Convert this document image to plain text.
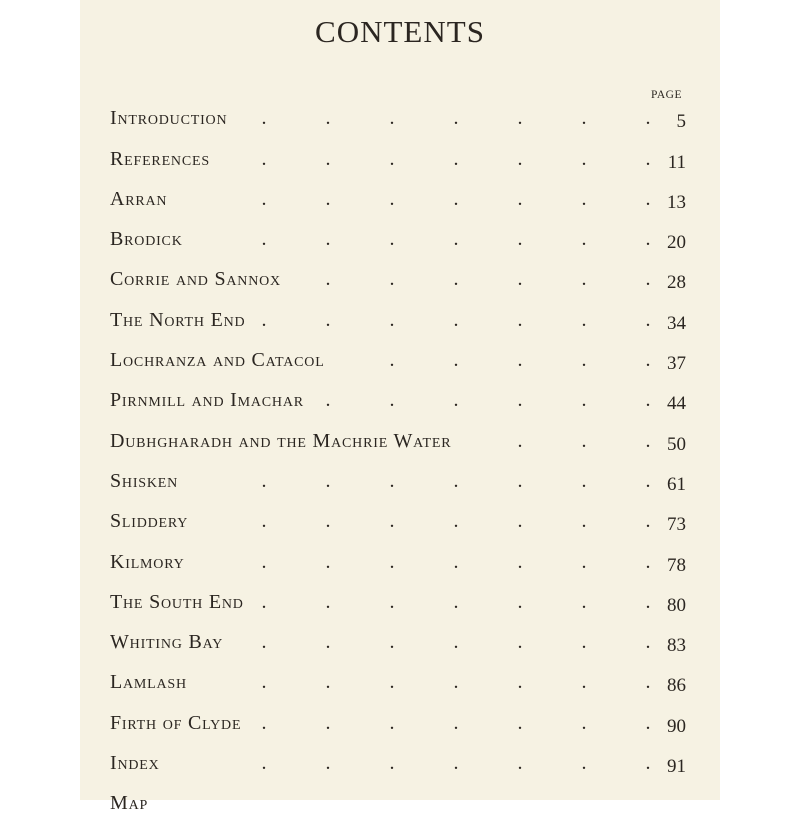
CONTENTS
PAGE
Introduction .	.	.	.	.	.	. 5
References	.	.	.	.	.	.	. 11
Arran	.	.	.	.	.	.	. 13
Brodick	.	.	.	.	.	.	. 20
Corrie and Sannox .	.	.	.	.	. 28
The North End .	.	.	.	.	.	. 34
Lochranza and Catacol	.	.	.	.	. 37
Pirnmill and Imachar .	.	.	.	.	. 44
Dubhgharadh and the Machrie Water	.	.	. 50
Shisken	.	.	.	.	.	.	. 61
Sliddery	.	.	.	.	.	.	. 73
Kilmory	.	.	.	.	.	.	. 78
The South End .	.	.	.	.	.	. 80
Whiting Bay .	.	.	.	.	.	. 83
Lamlash	.	.	.	.	.	.	. 86
Firth of Clyde .	.	.	.	.	.	. 90
Index	.	.	.	.	.	.	. 91
Map
